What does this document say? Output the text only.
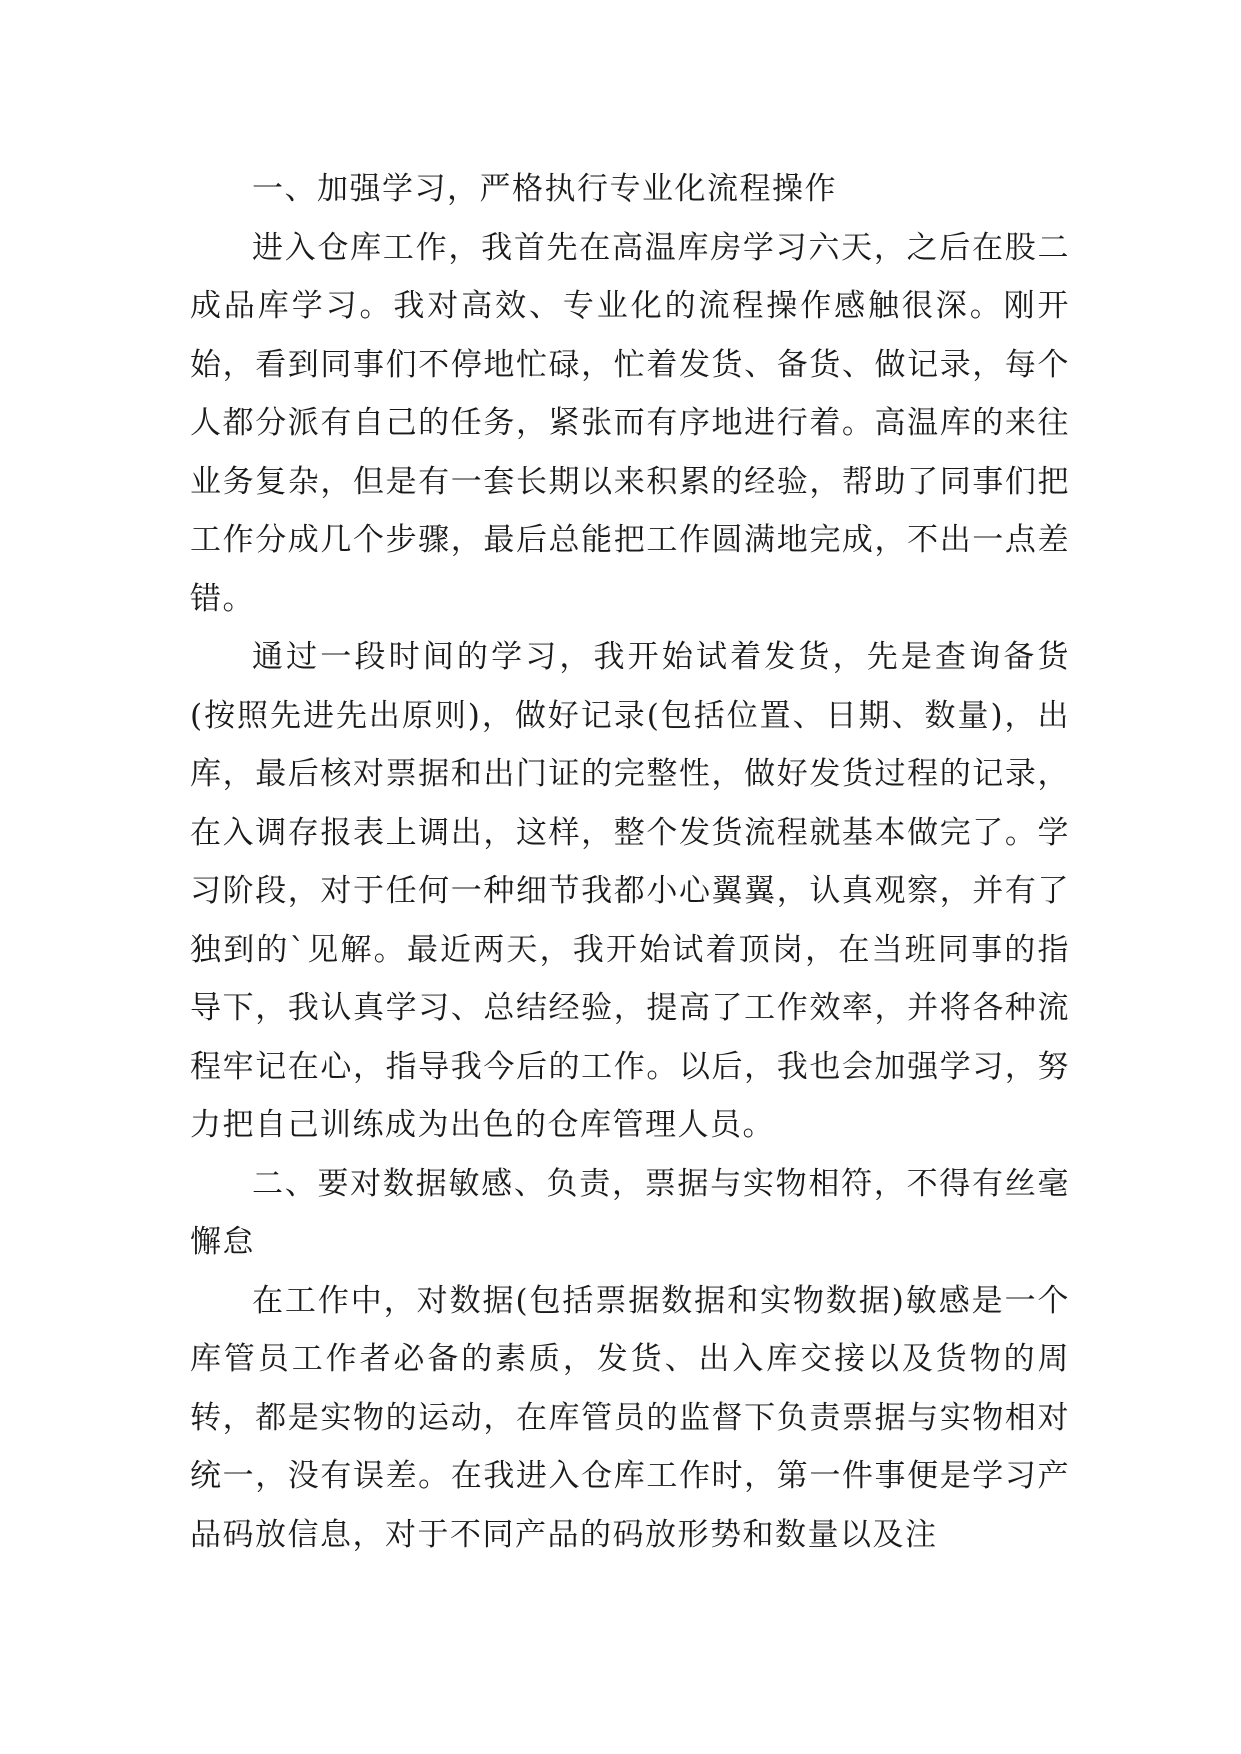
一、加强学习，严格执行专业化流程操作

进入仓库工作，我首先在高温库房学习六天，之后在股二成品库学习。我对高效、专业化的流程操作感触很深。刚开始，看到同事们不停地忙碌，忙着发货、备货、做记录，每个人都分派有自己的任务，紧张而有序地进行着。高温库的来往业务复杂，但是有一套长期以来积累的经验，帮助了同事们把工作分成几个步骤，最后总能把工作圆满地完成，不出一点差错。

通过一段时间的学习，我开始试着发货，先是查询备货(按照先进先出原则)，做好记录(包括位置、日期、数量)，出库，最后核对票据和出门证的完整性，做好发货过程的记录，在入调存报表上调出，这样，整个发货流程就基本做完了。学习阶段，对于任何一种细节我都小心翼翼，认真观察，并有了独到的`见解。最近两天，我开始试着顶岗，在当班同事的指导下，我认真学习、总结经验，提高了工作效率，并将各种流程牢记在心，指导我今后的工作。以后，我也会加强学习，努力把自己训练成为出色的仓库管理人员。

二、要对数据敏感、负责，票据与实物相符，不得有丝毫懈怠

在工作中，对数据(包括票据数据和实物数据)敏感是一个库管员工作者必备的素质，发货、出入库交接以及货物的周转，都是实物的运动，在库管员的监督下负责票据与实物相对统一，没有误差。在我进入仓库工作时，第一件事便是学习产品码放信息，对于不同产品的码放形势和数量以及注
